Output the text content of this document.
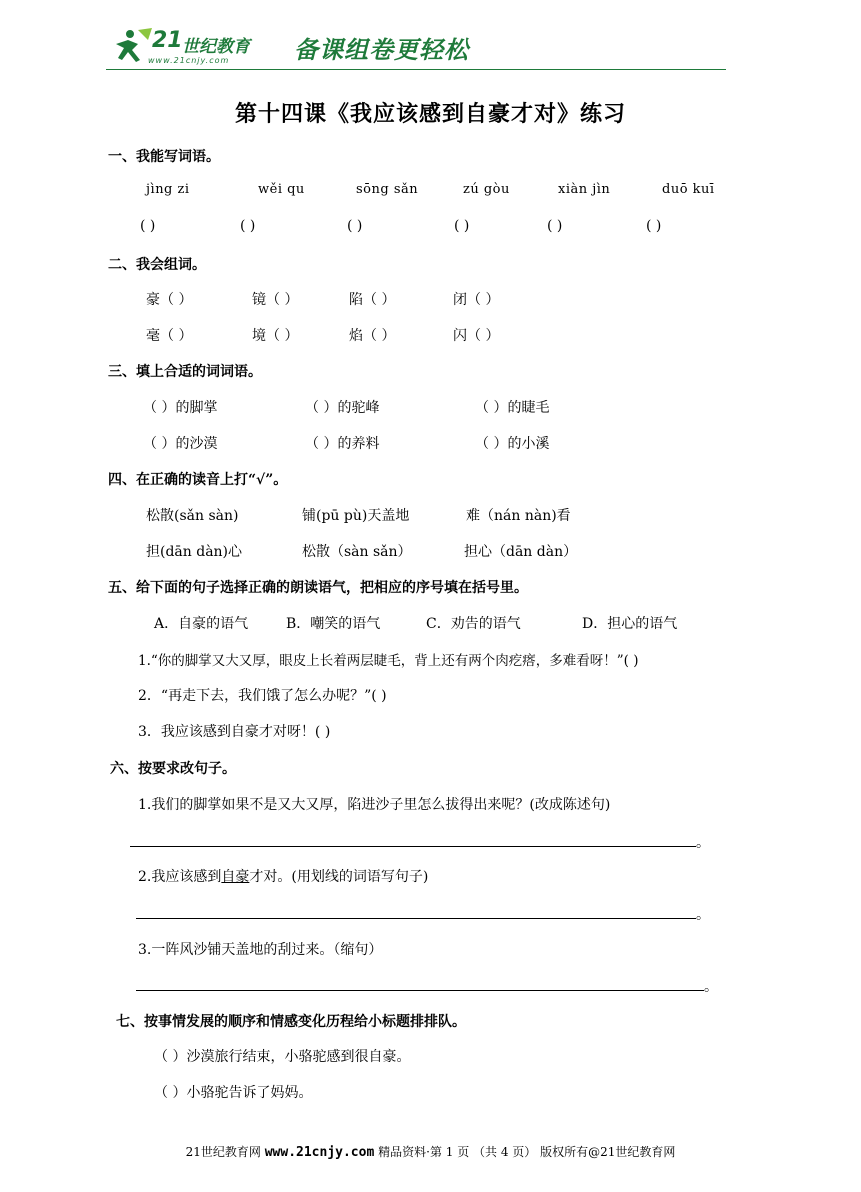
21 世纪教育
www.21cnjy.com	备课组卷更轻松
第十四课《我应该感到自豪才对》练习
一、我能写词语。
jìng zi	wěi qu	sōng sǎn	zú gòu	xiàn jìn	duō kuī
( )	( )	( )	( )	( )	( )
二、我会组词。
豪（ ）	镜（ ）	陷（ ）	闭（ ）
毫（ ）	境（ ）	焰（ ）	闪（ ）
三、填上合适的词词语。
（ ）的脚掌	（ ）的驼峰	（ ）的睫毛
（ ）的沙漠	（ ）的养料	（ ）的小溪
四、在正确的读音上打“√”。
松散(sǎn sàn)	铺(pū pù)天盖地	难（nán nàn)看
担(dān dàn)心	松散（sàn sǎn）	担心（dān dàn）
五、给下面的句子选择正确的朗读语气，把相应的序号填在括号里。
A．自豪的语气	B．嘲笑的语气	C．劝告的语气	D．担心的语气
1.“你的脚掌又大又厚，眼皮上长着两层睫毛，背上还有两个肉疙瘩，多难看呀！”( )
2．“再走下去，我们饿了怎么办呢？”( )
3．我应该感到自豪才对呀！( )
六、按要求改句子。
1.我们的脚掌如果不是又大又厚，陷进沙子里怎么拔得出来呢？(改成陈述句)
。
2.我应该感到自豪才对。(用划线的词语写句子)
。
3.一阵风沙铺天盖地的刮过来。（缩句）
。
七、按事情发展的顺序和情感变化历程给小标题排排队。
（ ）沙漠旅行结束，小骆驼感到很自豪。
（ ）小骆驼告诉了妈妈。
21世纪教育网 www.21cnjy.com 精品资料·第 1 页 （共 4 页） 版权所有@21世纪教育网
